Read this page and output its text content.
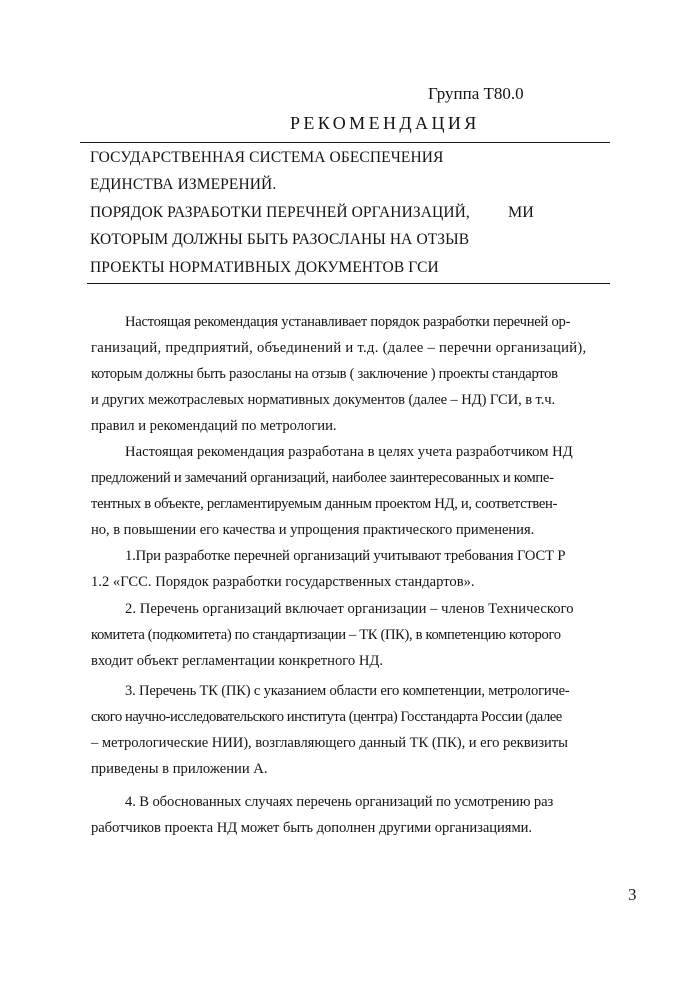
Группа Т80.0
РЕКОМЕНДАЦИЯ
ГОСУДАРСТВЕННАЯ СИСТЕМА ОБЕСПЕЧЕНИЯ
ЕДИНСТВА ИЗМЕРЕНИЙ.
ПОРЯДОК РАЗРАБОТКИ ПЕРЕЧНЕЙ ОРГАНИЗАЦИЙ,
КОТОРЫМ ДОЛЖНЫ БЫТЬ РАЗОСЛАНЫ НА ОТЗЫВ
ПРОЕКТЫ НОРМАТИВНЫХ ДОКУМЕНТОВ ГСИ
МИ
Настоящая рекомендация устанавливает порядок разработки перечней ор-
ганизаций, предприятий, объединений и т.д. (далее – перечни организаций),
которым должны быть разосланы на отзыв ( заключение ) проекты стандартов
и других межотраслевых нормативных документов (далее – НД) ГСИ, в т.ч.
правил и рекомендаций по метрологии.
Настоящая рекомендация разработана в целях учета разработчиком НД
предложений и замечаний организаций, наиболее заинтересованных и компе-
тентных в объекте, регламентируемым данным проектом НД, и, соответствен-
но, в повышении его качества и упрощения практического применения.
1.При разработке перечней организаций учитывают требования ГОСТ Р
1.2 «ГСС. Порядок разработки государственных стандартов».
2. Перечень организаций включает организации – членов Технического
комитета (подкомитета) по стандартизации – ТК (ПК), в компетенцию которого
входит объект регламентации конкретного НД.
3. Перечень ТК (ПК) с указанием области его компетенции, метрологиче-
ского научно-исследовательского института (центра) Госстандарта России (далее
– метрологические НИИ), возглавляющего данный ТК (ПК), и его реквизиты
приведены в приложении А.
4. В обоснованных случаях перечень организаций по усмотрению раз
работчиков проекта НД может быть дополнен другими организациями.
3
